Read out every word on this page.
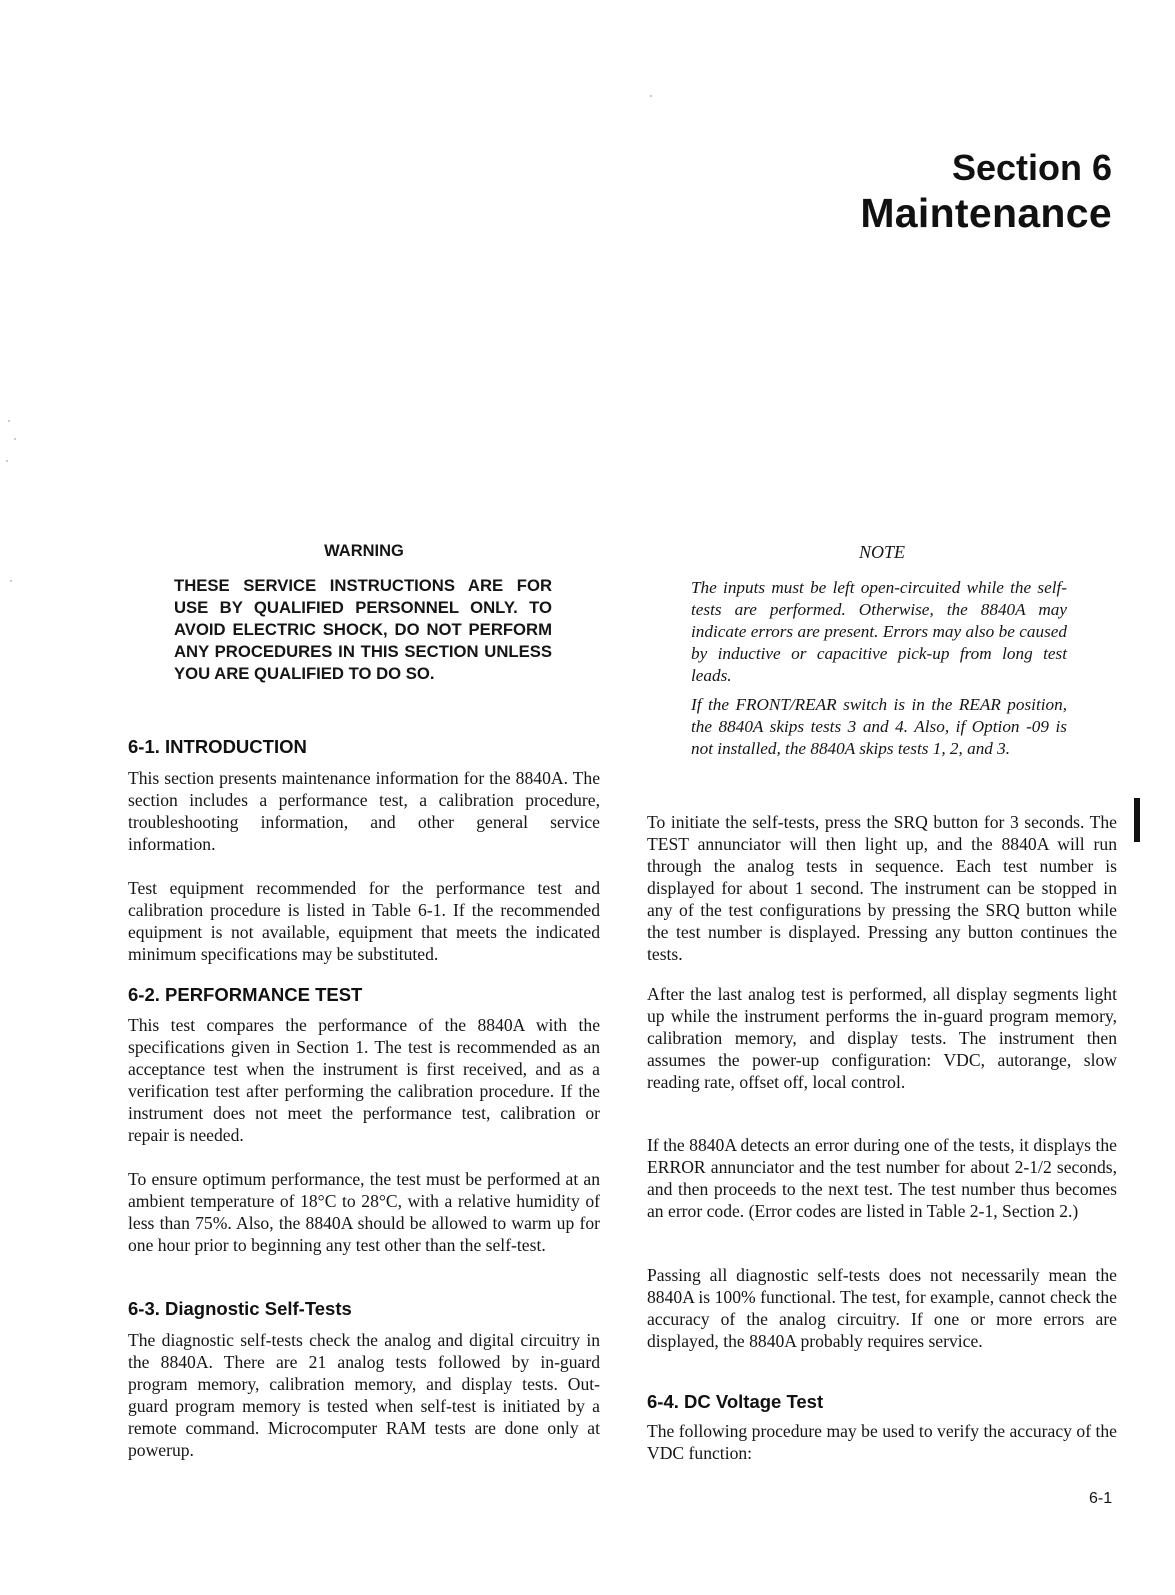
Section 6
Maintenance
WARNING
THESE SERVICE INSTRUCTIONS ARE FOR USE BY QUALIFIED PERSONNEL ONLY. TO AVOID ELECTRIC SHOCK, DO NOT PERFORM ANY PROCEDURES IN THIS SECTION UNLESS YOU ARE QUALIFIED TO DO SO.
6-1. INTRODUCTION

This section presents maintenance information for the 8840A. The section includes a performance test, a calibration procedure, troubleshooting information, and other general service information.

Test equipment recommended for the performance test and calibration procedure is listed in Table 6-1. If the recommended equipment is not available, equipment that meets the indicated minimum specifications may be substituted.

6-2. PERFORMANCE TEST

This test compares the performance of the 8840A with the specifications given in Section 1. The test is recommended as an acceptance test when the instrument is first received, and as a verification test after performing the calibration procedure. If the instrument does not meet the performance test, calibration or repair is needed.

To ensure optimum performance, the test must be performed at an ambient temperature of 18°C to 28°C, with a relative humidity of less than 75%. Also, the 8840A should be allowed to warm up for one hour prior to beginning any test other than the self-test.

6-3. Diagnostic Self-Tests

The diagnostic self-tests check the analog and digital circuitry in the 8840A. There are 21 analog tests followed by in-guard program memory, calibration memory, and display tests. Out-guard program memory is tested when self-test is initiated by a remote command. Microcomputer RAM tests are done only at powerup.

NOTE

The inputs must be left open-circuited while the self-tests are performed. Otherwise, the 8840A may indicate errors are present. Errors may also be caused by inductive or capacitive pick-up from long test leads.

If the FRONT/REAR switch is in the REAR position, the 8840A skips tests 3 and 4. Also, if Option -09 is not installed, the 8840A skips tests 1, 2, and 3.

To initiate the self-tests, press the SRQ button for 3 seconds. The TEST annunciator will then light up, and the 8840A will run through the analog tests in sequence. Each test number is displayed for about 1 second. The instrument can be stopped in any of the test configurations by pressing the SRQ button while the test number is displayed. Pressing any button continues the tests.

After the last analog test is performed, all display segments light up while the instrument performs the in-guard program memory, calibration memory, and display tests. The instrument then assumes the power-up configuration: VDC, autorange, slow reading rate, offset off, local control.

If the 8840A detects an error during one of the tests, it displays the ERROR annunciator and the test number for about 2-1/2 seconds, and then proceeds to the next test. The test number thus becomes an error code. (Error codes are listed in Table 2-1, Section 2.)

Passing all diagnostic self-tests does not necessarily mean the 8840A is 100% functional. The test, for example, cannot check the accuracy of the analog circuitry. If one or more errors are displayed, the 8840A probably requires service.

6-4. DC Voltage Test

The following procedure may be used to verify the accuracy of the VDC function:

6-1
